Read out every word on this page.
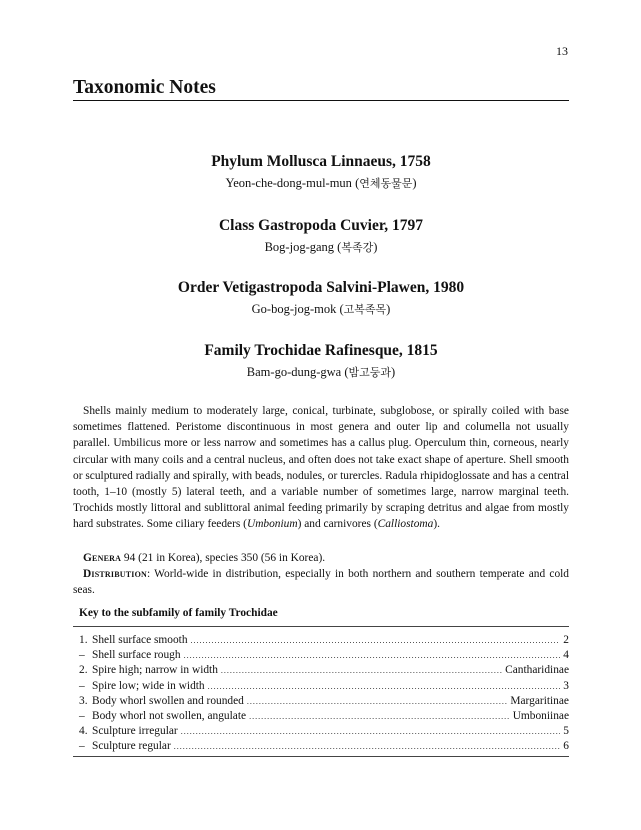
13
Taxonomic Notes

Phylum Mollusca Linnaeus, 1758

Yeon-che-dong-mul-mun (연체동물문)

Class Gastropoda Cuvier, 1797

Bog-jog-gang (복족강)

Order Vetigastropoda Salvini-Plawen, 1980

Go-bog-jog-mok (고복족목)

Family Trochidae Rafinesque, 1815

Bam-go-dung-gwa (밤고둥과)

Shells mainly medium to moderately large, conical, turbinate, subglobose, or spirally coiled with base sometimes flattened. Peristome discontinuous in most genera and outer lip and columella not usually parallel. Umbilicus more or less narrow and sometimes has a callus plug. Operculum thin, corneous, nearly circular with many coils and a central nucleus, and often does not take exact shape of aperture. Shell smooth or sculptured radially and spirally, with beads, nodules, or turercles. Radula rhipidoglossate and has a central tooth, 1–10 (mostly 5) lateral teeth, and a variable number of sometimes large, narrow marginal teeth. Trochids mostly littoral and sublittoral animal feeding primarily by scraping detritus and algae from mostly hard substrates. Some ciliary feeders (Umbonium) and carnivores (Calliostoma).

Genera 94 (21 in Korea), species 350 (56 in Korea).

Distribution: World-wide in distribution, especially in both northern and southern temperate and cold seas.

Key to the subfamily of family Trochidae

1. Shell surface smooth .....	2
– Shell surface rough .....	4
2. Spire high; narrow in width .....	Cantharidinae
– Spire low; wide in width .....	3
3. Body whorl swollen and rounded .....	Margaritinae
– Body whorl not swollen, angulate .....	Umboniinae
4. Sculpture irregular .....	5
– Sculpture regular .....	6
